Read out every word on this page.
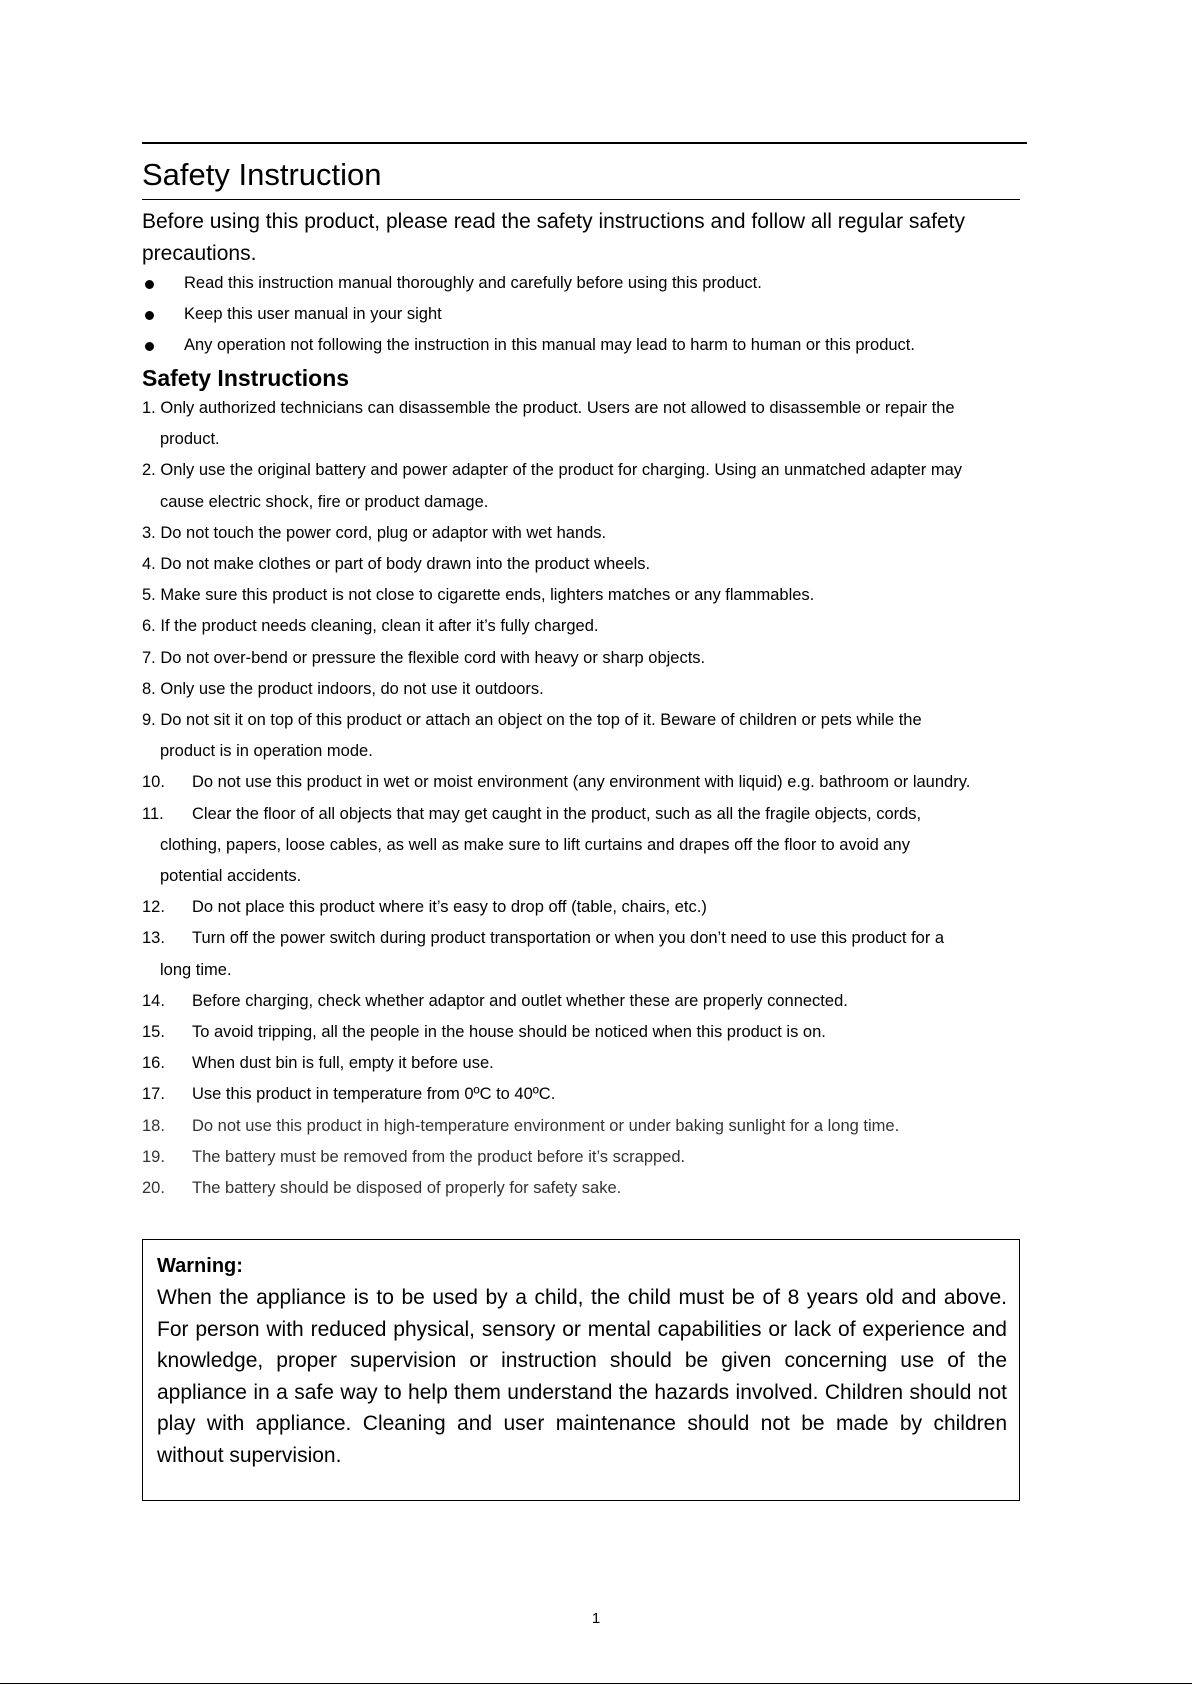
Safety Instruction

Before using this product, please read the safety instructions and follow all regular safety precautions.

Read this instruction manual thoroughly and carefully before using this product.
Keep this user manual in your sight
Any operation not following the instruction in this manual may lead to harm to human or this product.
Safety Instructions
1. Only authorized technicians can disassemble the product. Users are not allowed to disassemble or repair the
product.
2. Only use the original battery and power adapter of the product for charging. Using an unmatched adapter may
cause electric shock, fire or product damage.
3. Do not touch the power cord, plug or adaptor with wet hands.
4. Do not make clothes or part of body drawn into the product wheels.
5. Make sure this product is not close to cigarette ends, lighters matches or any flammables.
6. If the product needs cleaning, clean it after it’s fully charged.
7. Do not over-bend or pressure the flexible cord with heavy or sharp objects.
8. Only use the product indoors, do not use it outdoors.
9. Do not sit it on top of this product or attach an object on the top of it. Beware of children or pets while the
product is in operation mode.
10. Do not use this product in wet or moist environment (any environment with liquid) e.g. bathroom or laundry.
11. Clear the floor of all objects that may get caught in the product, such as all the fragile objects, cords,
clothing, papers, loose cables, as well as make sure to lift curtains and drapes off the floor to avoid any
potential accidents.
12. Do not place this product where it’s easy to drop off (table, chairs, etc.)
13. Turn off the power switch during product transportation or when you don’t need to use this product for a
long time.
14. Before charging, check whether adaptor and outlet whether these are properly connected.
15. To avoid tripping, all the people in the house should be noticed when this product is on.
16. When dust bin is full, empty it before use.
17. Use this product in temperature from 0ºC to 40ºC.
18. Do not use this product in high-temperature environment or under baking sunlight for a long time.
19. The battery must be removed from the product before it’s scrapped.
20. The battery should be disposed of properly for safety sake.

Warning:

When the appliance is to be used by a child, the child must be of 8 years old and above. For person with reduced physical, sensory or mental capabilities or lack of experience and knowledge, proper supervision or instruction should be given concerning use of the appliance in a safe way to help them understand the hazards involved. Children should not play with appliance. Cleaning and user maintenance should not be made by children without supervision.

1
